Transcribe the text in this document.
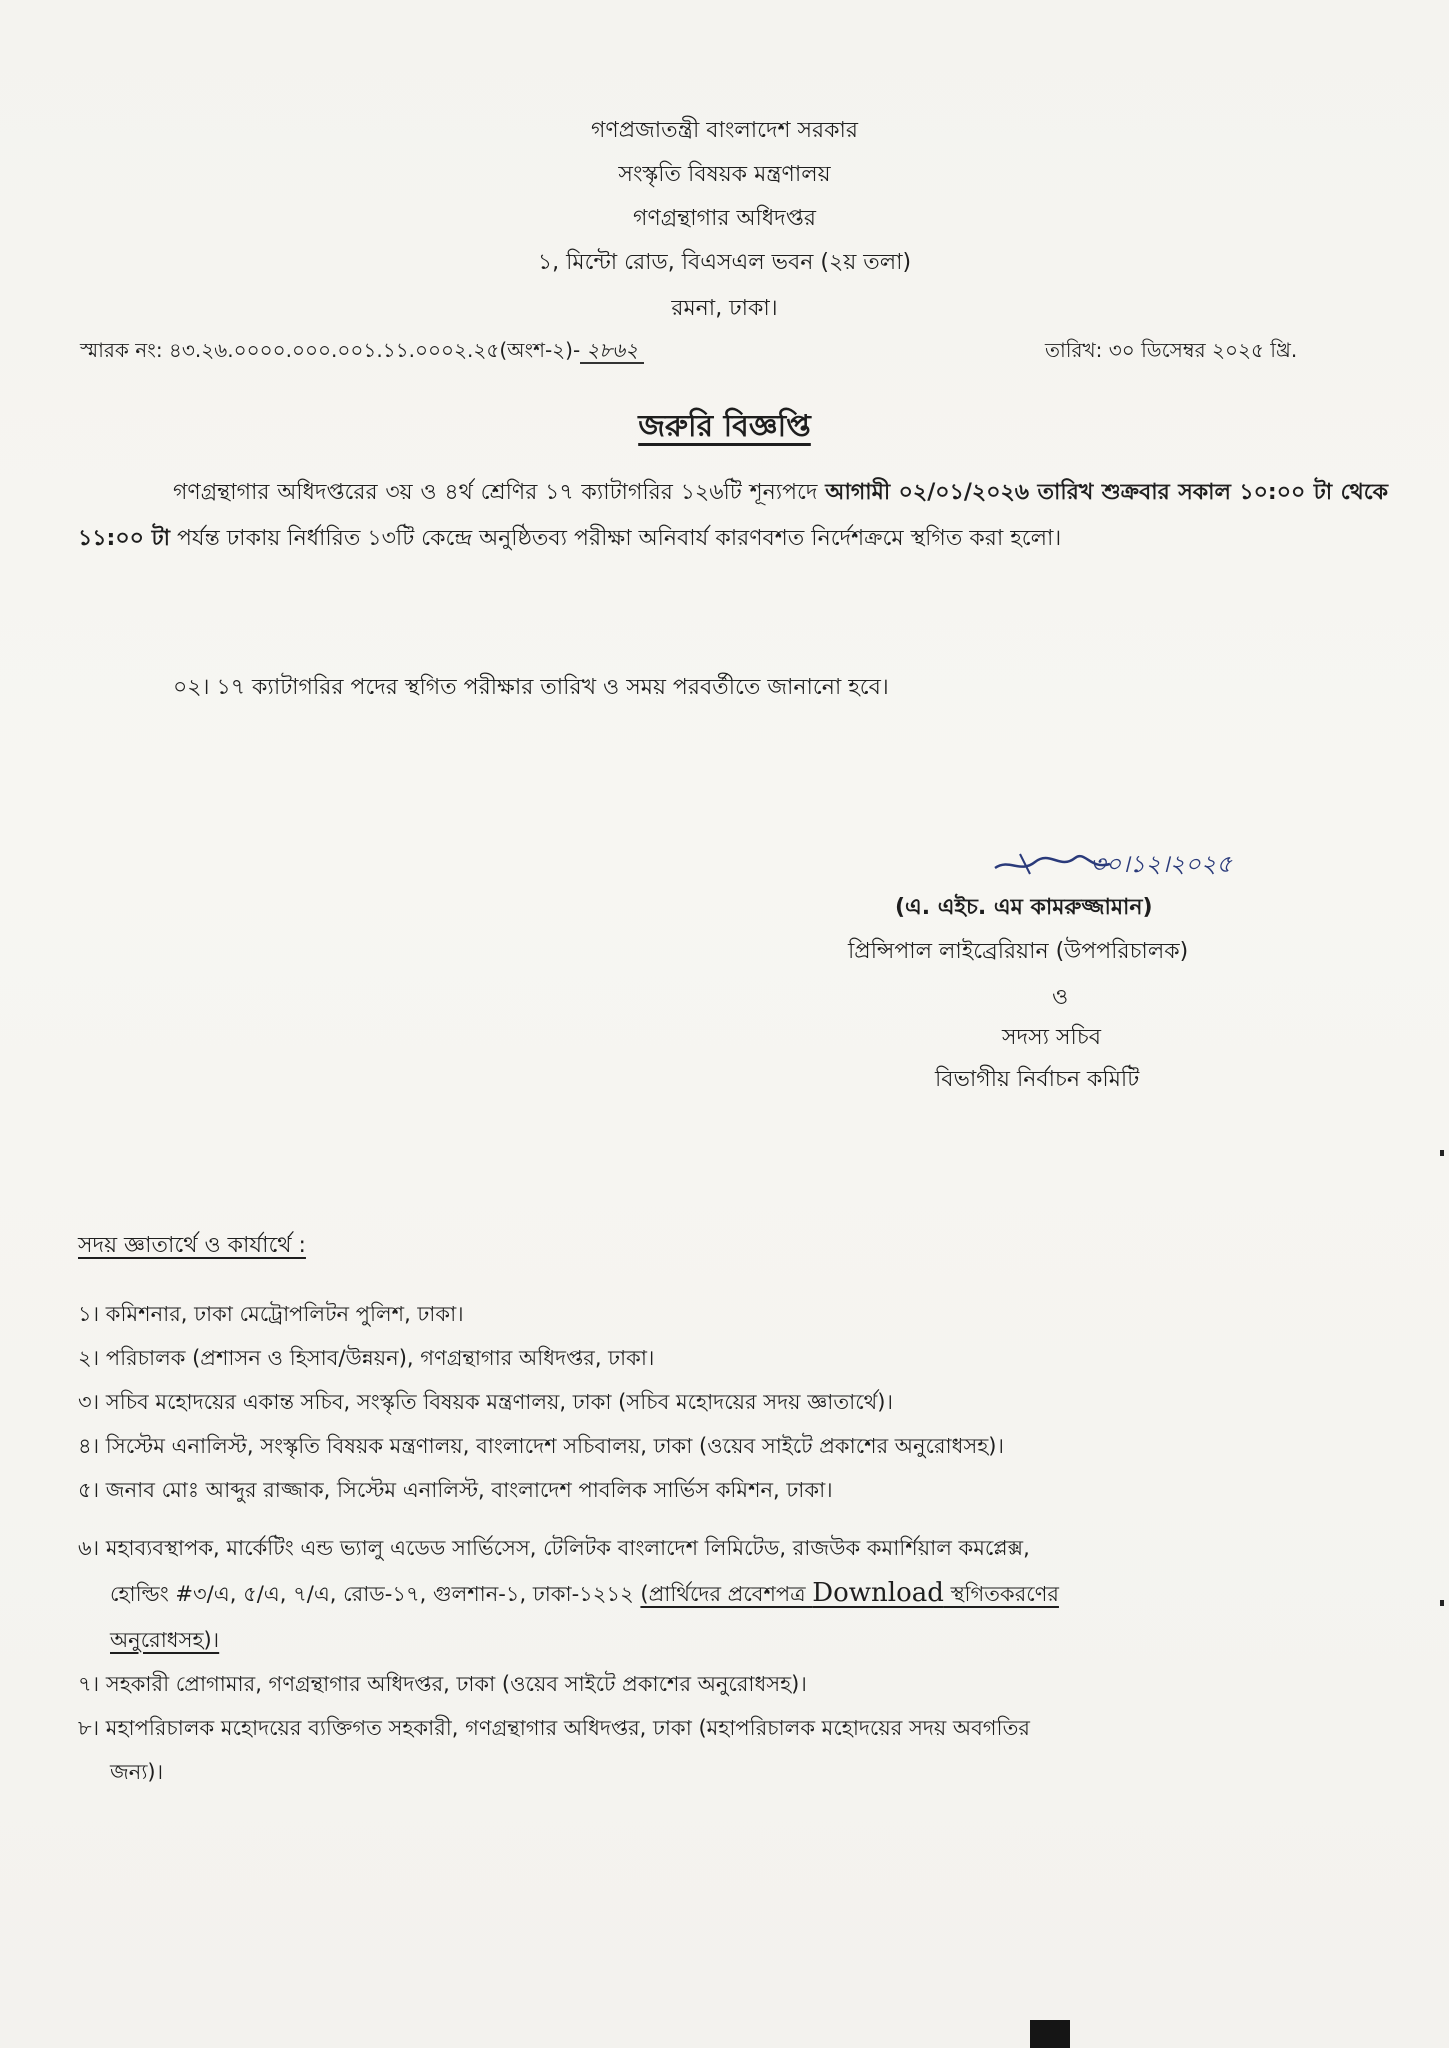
গণপ্রজাতন্ত্রী বাংলাদেশ সরকার
সংস্কৃতি বিষয়ক মন্ত্রণালয়
গণগ্রন্থাগার অধিদপ্তর
১, মিন্টো রোড, বিএসএল ভবন (২য় তলা)
রমনা, ঢাকা।
স্মারক নং: ৪৩.২৬.০০০০.০০০.০০১.১১.০০০২.২৫(অংশ-২)- ২৮৬২	তারিখ: ৩০ ডিসেম্বর ২০২৫ খ্রি.
জরুরি বিজ্ঞপ্তি
গণগ্রন্থাগার অধিদপ্তরের ৩য় ও ৪র্থ শ্রেণির ১৭ ক্যাটাগরির ১২৬টি শূন্যপদে আগামী ০২/০১/২০২৬ তারিখ শুক্রবার সকাল ১০:০০ টা থেকে ১১:০০ টা পর্যন্ত ঢাকায় নির্ধারিত ১৩টি কেন্দ্রে অনুষ্ঠিতব্য পরীক্ষা অনিবার্য কারণবশত নির্দেশক্রমে স্থগিত করা হলো।
০২। ১৭ ক্যাটাগরির পদের স্থগিত পরীক্ষার তারিখ ও সময় পরবর্তীতে জানানো হবে।
৩০।১২।২০২৫
(এ. এইচ. এম কামরুজ্জামান)
প্রিন্সিপাল লাইব্রেরিয়ান (উপপরিচালক)
ও
সদস্য সচিব
বিভাগীয় নির্বাচন কমিটি
সদয় জ্ঞাতার্থে ও কার্যার্থে :
১। কমিশনার, ঢাকা মেট্রোপলিটন পুলিশ, ঢাকা।
২। পরিচালক (প্রশাসন ও হিসাব/উন্নয়ন), গণগ্রন্থাগার অধিদপ্তর, ঢাকা।
৩। সচিব মহোদয়ের একান্ত সচিব, সংস্কৃতি বিষয়ক মন্ত্রণালয়, ঢাকা (সচিব মহোদয়ের সদয় জ্ঞাতার্থে)।
৪। সিস্টেম এনালিস্ট, সংস্কৃতি বিষয়ক মন্ত্রণালয়, বাংলাদেশ সচিবালয়, ঢাকা (ওয়েব সাইটে প্রকাশের অনুরোধসহ)।
৫। জনাব মোঃ আব্দুর রাজ্জাক, সিস্টেম এনালিস্ট, বাংলাদেশ পাবলিক সার্ভিস কমিশন, ঢাকা।
৬। মহাব্যবস্থাপক, মার্কেটিং এন্ড ভ্যালু এডেড সার্ভিসেস, টেলিটক বাংলাদেশ লিমিটেড, রাজউক কমার্শিয়াল কমপ্লেক্স,
হোল্ডিং #৩/এ, ৫/এ, ৭/এ, রোড-১৭, গুলশান-১, ঢাকা-১২১২ (প্রার্থিদের প্রবেশপত্র Download স্থগিতকরণের
অনুরোধসহ)।
৭। সহকারী প্রোগামার, গণগ্রন্থাগার অধিদপ্তর, ঢাকা (ওয়েব সাইটে প্রকাশের অনুরোধসহ)।
৮। মহাপরিচালক মহোদয়ের ব্যক্তিগত সহকারী, গণগ্রন্থাগার অধিদপ্তর, ঢাকা (মহাপরিচালক মহোদয়ের সদয় অবগতির
জন্য)।
